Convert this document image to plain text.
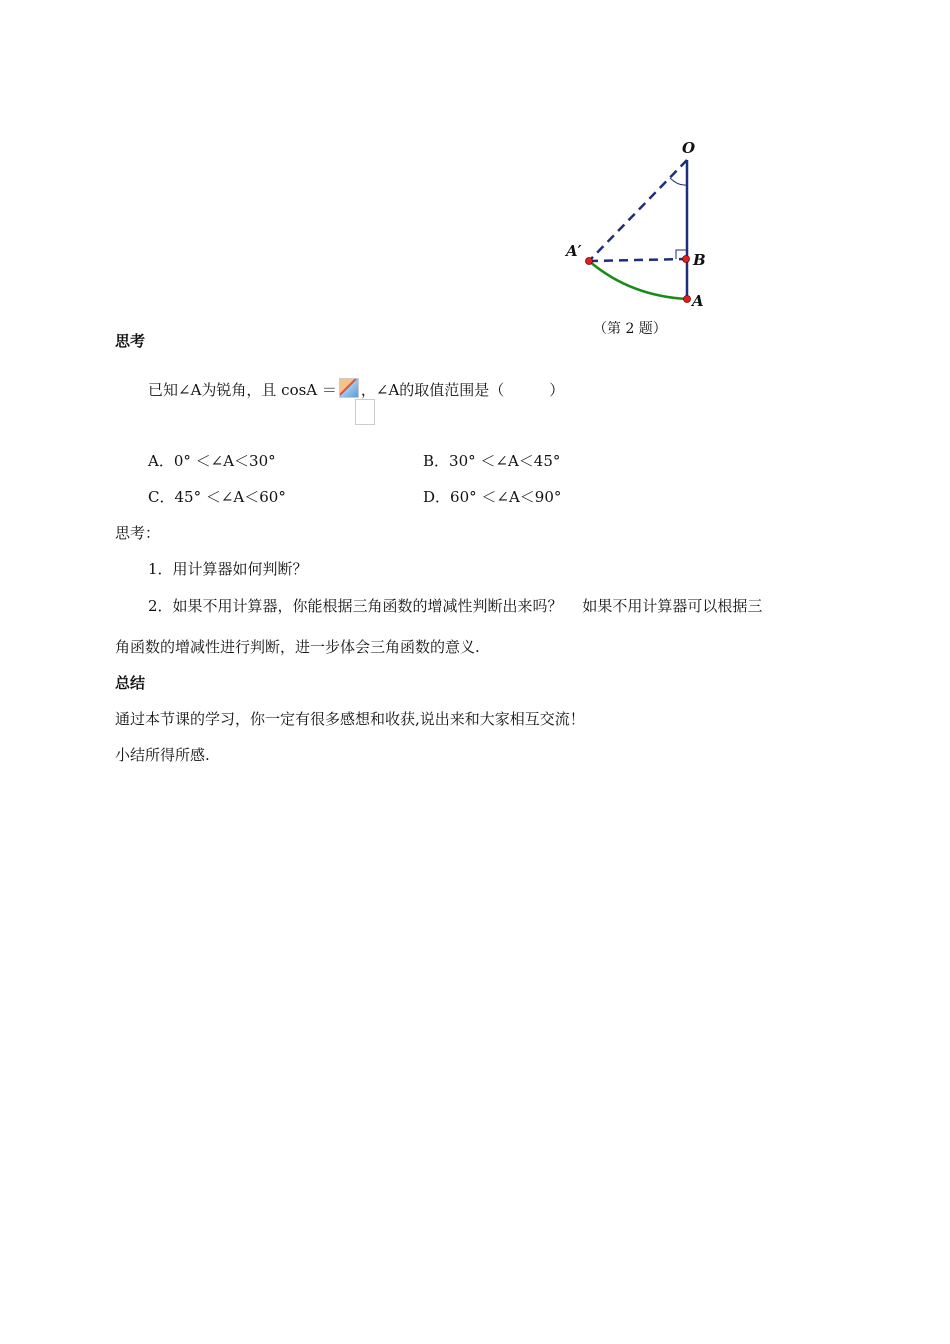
O
A′	B
A
（第 2 题）
思考
已知∠A为锐角，且 cosA ＝ ，∠A的取值范围是（　　　）
A．0° ＜∠A＜30°	B．30° ＜∠A＜45°
C．45° ＜∠A＜60°	D．60° ＜∠A＜90°
思考：
1．用计算器如何判断？
2．如果不用计算器，你能根据三角函数的增减性判断出来吗？　 如果不用计算器可以根据三
角函数的增减性进行判断，进一步体会三角函数的意义.
总结
通过本节课的学习，你一定有很多感想和收获,说出来和大家相互交流！
小结所得所感.
